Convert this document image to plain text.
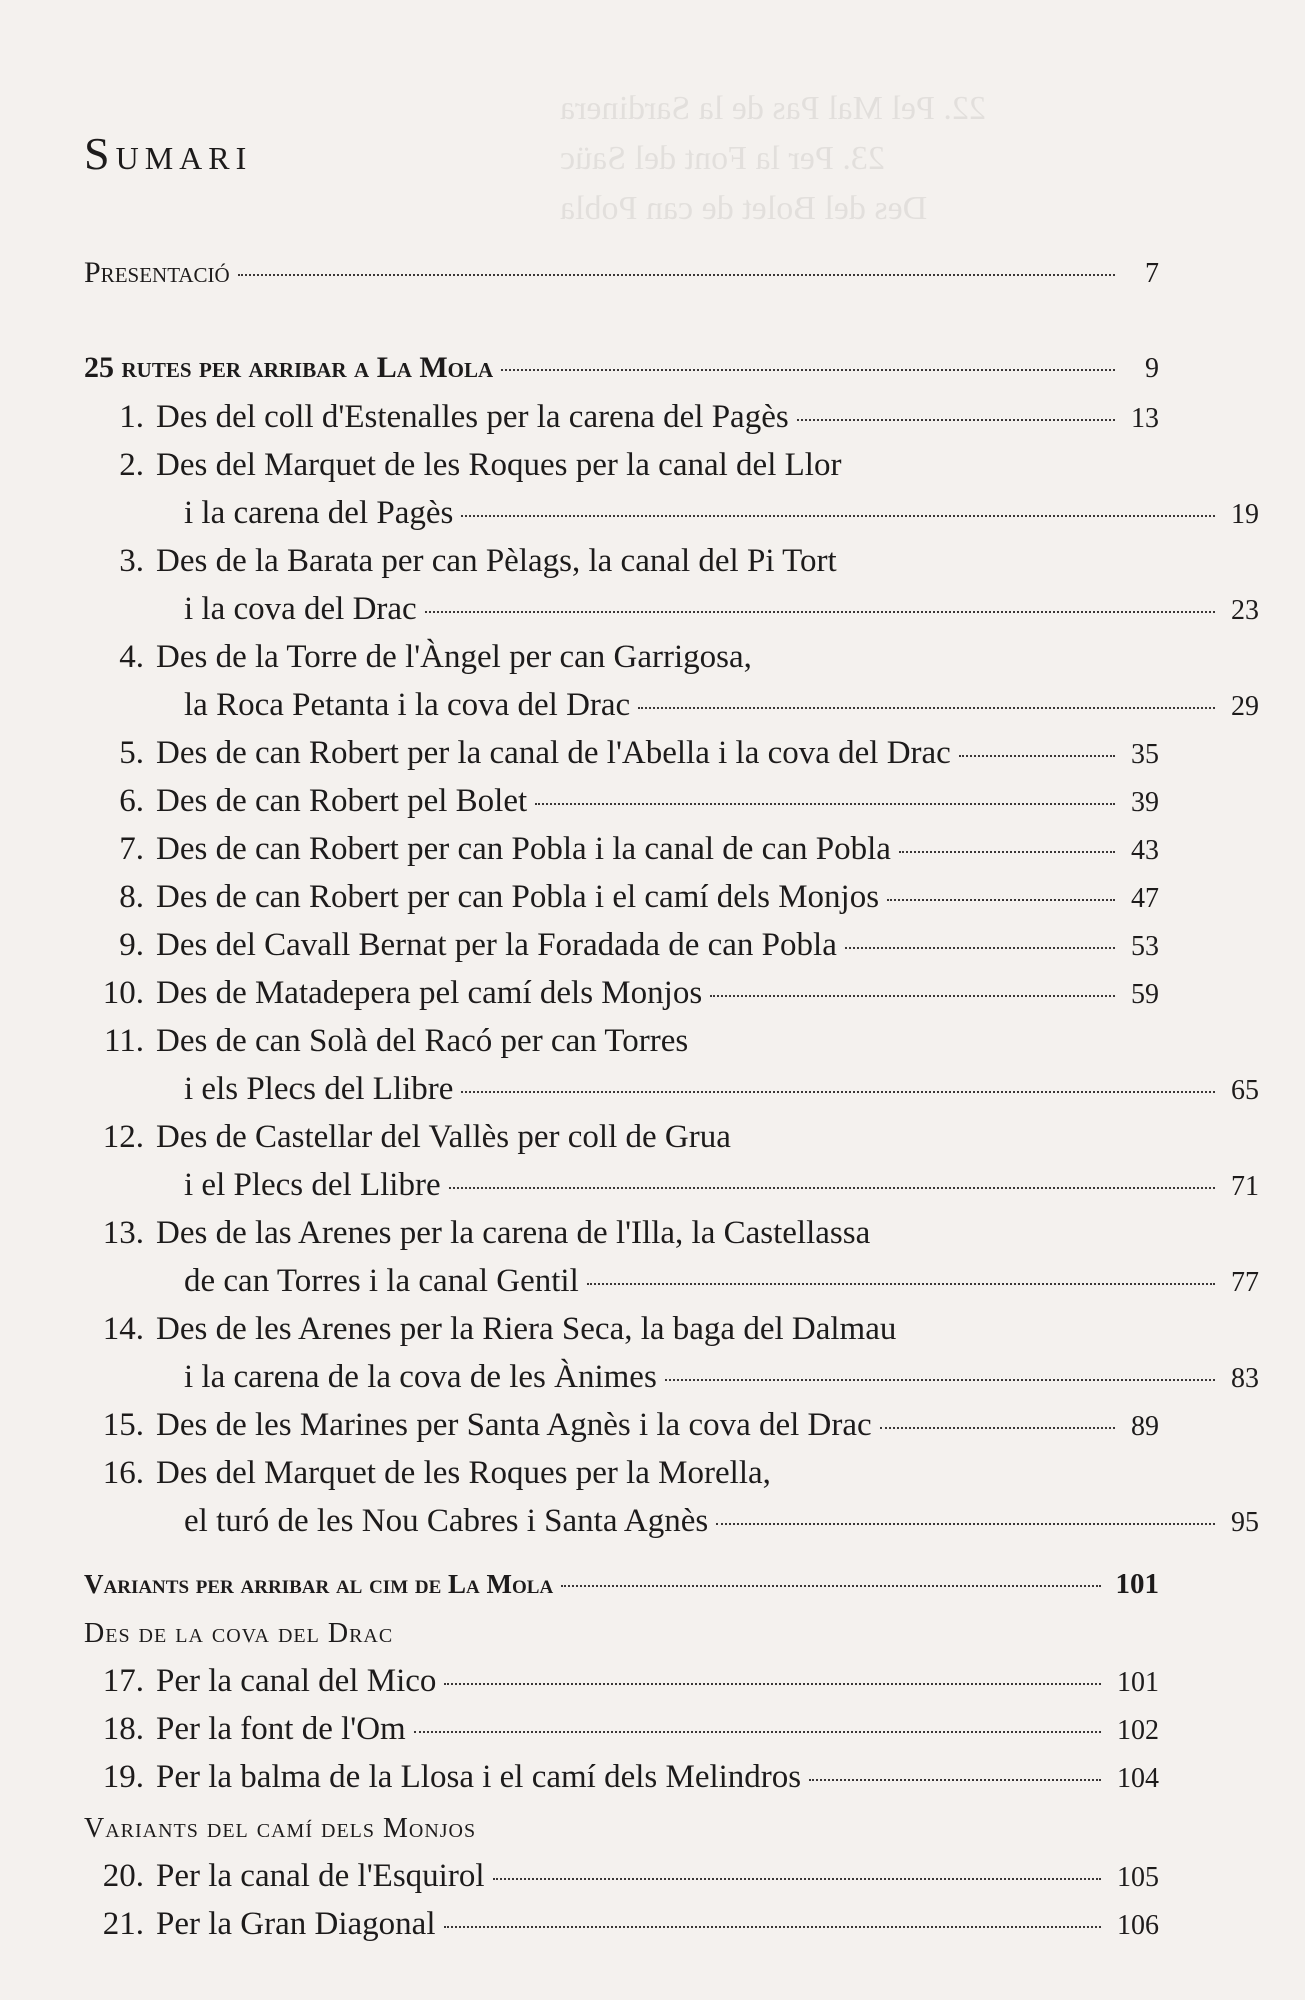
22. Pel Mal Pas de la Sardinera
23. Per la Font del Saüc
Des del Bolet de can Pobla
Sumari
Presentació	7
25 rutes per arribar a La Mola	9
1. Des del coll d'Estenalles per la carena del Pagès	13
2. Des del Marquet de les Roques per la canal del Llor
i la carena del Pagès	19
3. Des de la Barata per can Pèlags, la canal del Pi Tort
i la cova del Drac	23
4. Des de la Torre de l'Àngel per can Garrigosa,
la Roca Petanta i la cova del Drac	29
5. Des de can Robert per la canal de l'Abella i la cova del Drac	35
6. Des de can Robert pel Bolet	39
7. Des de can Robert per can Pobla i la canal de can Pobla	43
8. Des de can Robert per can Pobla i el camí dels Monjos	47
9. Des del Cavall Bernat per la Foradada de can Pobla	53
10. Des de Matadepera pel camí dels Monjos	59
11. Des de can Solà del Racó per can Torres
i els Plecs del Llibre	65
12. Des de Castellar del Vallès per coll de Grua
i el Plecs del Llibre	71
13. Des de las Arenes per la carena de l'Illa, la Castellassa
de can Torres i la canal Gentil	77
14. Des de les Arenes per la Riera Seca, la baga del Dalmau
i la carena de la cova de les Ànimes	83
15. Des de les Marines per Santa Agnès i la cova del Drac	89
16. Des del Marquet de les Roques per la Morella,
el turó de les Nou Cabres i Santa Agnès	95
Variants per arribar al cim de La Mola	101
Des de la cova del Drac
17. Per la canal del Mico	101
18. Per la font de l'Om	102
19. Per la balma de la Llosa i el camí dels Melindros	104
Variants del camí dels Monjos
20. Per la canal de l'Esquirol	105
21. Per la Gran Diagonal	106
